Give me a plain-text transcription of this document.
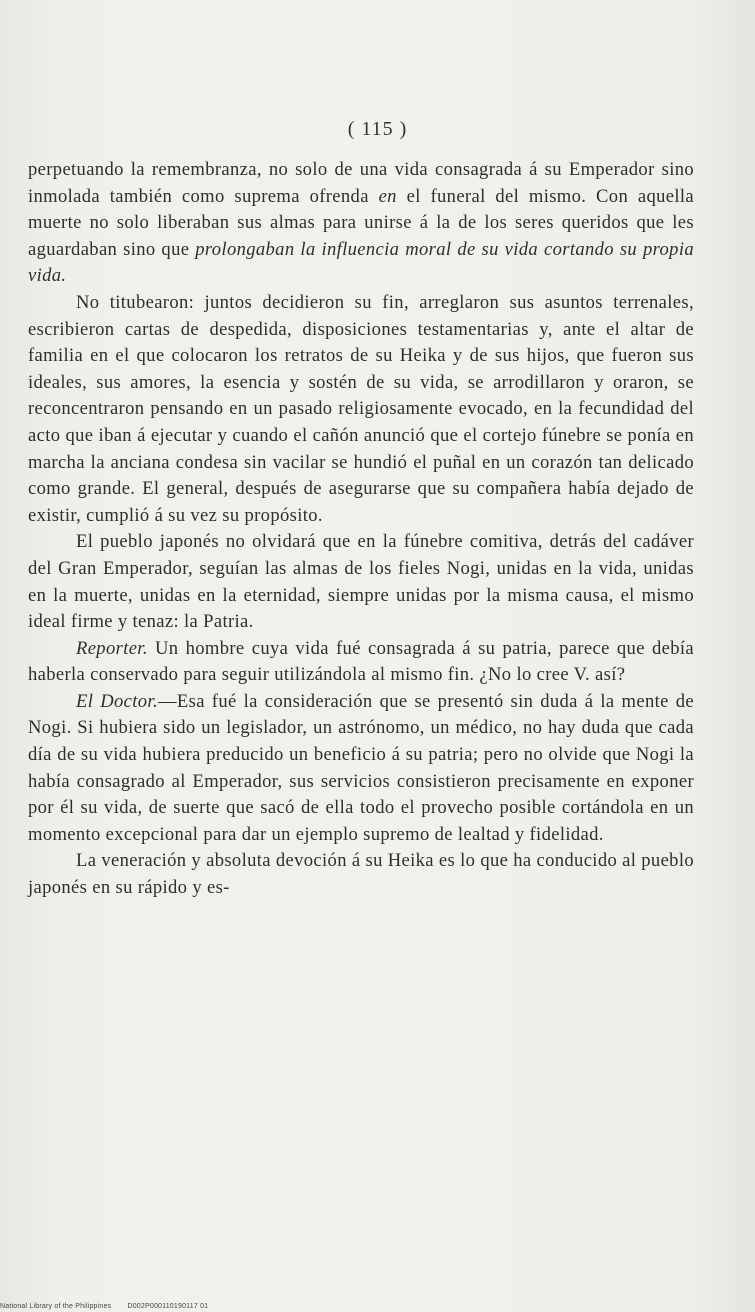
( 115 )

perpetuando la remembranza, no solo de una vida consagrada á su Emperador sino inmolada también como suprema ofrenda en el funeral del mismo. Con aquella muerte no solo liberaban sus almas para unirse á la de los seres queridos que les aguardaban sino que prolongaban la influencia moral de su vida cortando su propia vida.

No titubearon: juntos decidieron su fin, arreglaron sus asuntos terrenales, escribieron cartas de despedida, disposiciones testamentarias y, ante el altar de familia en el que colocaron los retratos de su Heika y de sus hijos, que fueron sus ideales, sus amores, la esencia y sostén de su vida, se arrodillaron y oraron, se reconcentraron pensando en un pasado religiosamente evocado, en la fecundidad del acto que iban á ejecutar y cuando el cañón anunció que el cortejo fúnebre se ponía en marcha la anciana condesa sin vacilar se hundió el puñal en un corazón tan delicado como grande. El general, después de asegurarse que su compañera había dejado de existir, cumplió á su vez su propósito.

El pueblo japonés no olvidará que en la fúnebre comitiva, detrás del cadáver del Gran Emperador, seguían las almas de los fieles Nogi, unidas en la vida, unidas en la muerte, unidas en la eternidad, siempre unidas por la misma causa, el mismo ideal firme y tenaz: la Patria.

Reporter. Un hombre cuya vida fué consagrada á su patria, parece que debía haberla conservado para seguir utilizándola al mismo fin. ¿No lo cree V. así?

El Doctor.—Esa fué la consideración que se presentó sin duda á la mente de Nogi. Si hubiera sido un legislador, un astrónomo, un médico, no hay duda que cada día de su vida hubiera preducido un beneficio á su patria; pero no olvide que Nogi la había consagrado al Emperador, sus servicios consistieron precisamente en exponer por él su vida, de suerte que sacó de ella todo el provecho posible cortándola en un momento excepcional para dar un ejemplo supremo de lealtad y fidelidad.

La veneración y absoluta devoción á su Heika es lo que ha conducido al pueblo japonés en su rápido y es-

National Library of the Philippines D002P000110190117 01
